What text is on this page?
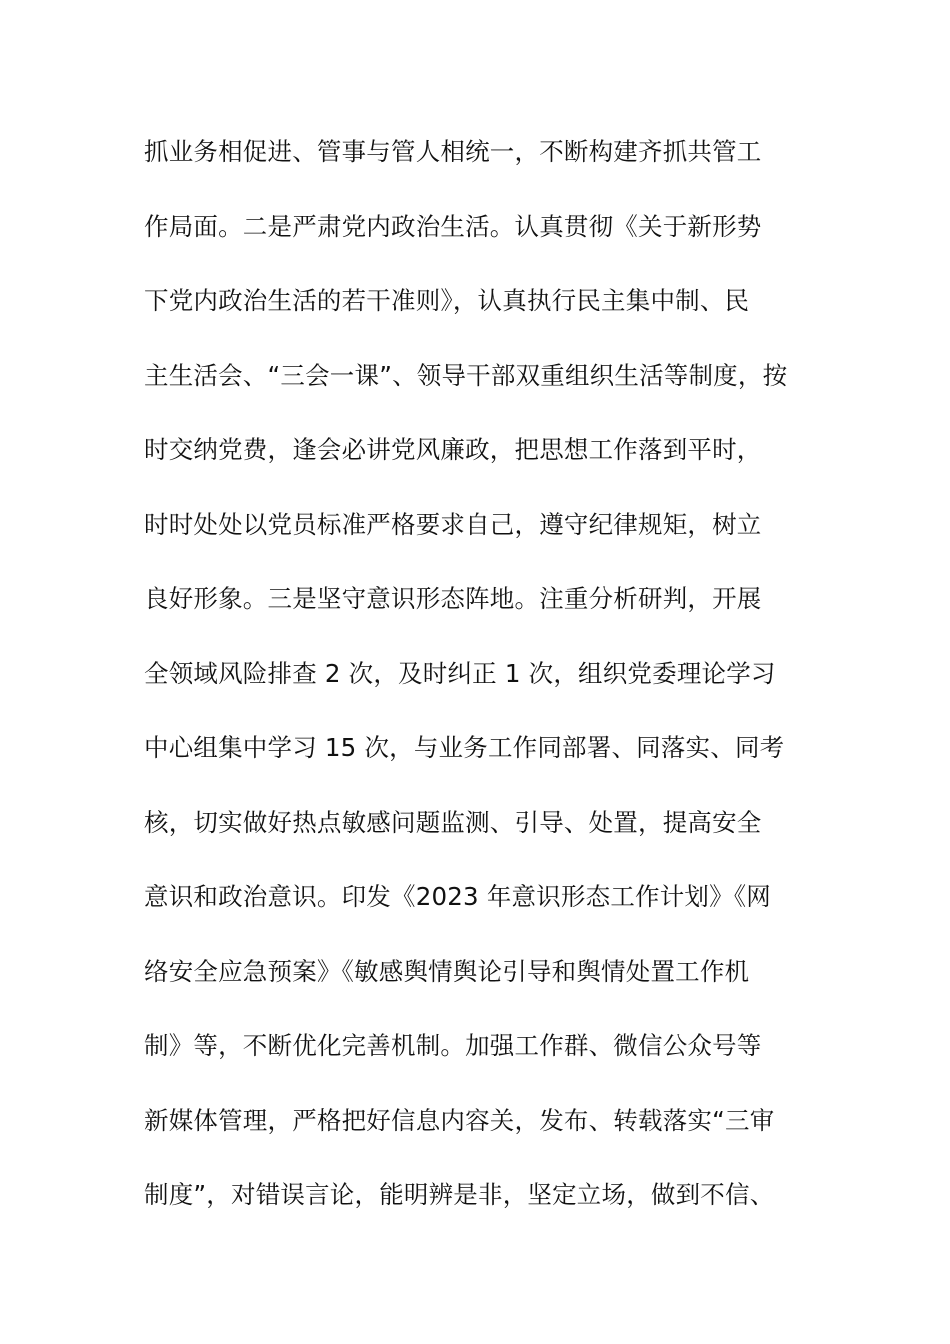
抓业务相促进、管事与管人相统一，不断构建齐抓共管工
作局面。二是严肃党内政治生活。认真贯彻《关于新形势
下党内政治生活的若干准则》，认真执行民主集中制、民
主生活会、“三会一课”、领导干部双重组织生活等制度，按
时交纳党费，逢会必讲党风廉政，把思想工作落到平时，
时时处处以党员标准严格要求自己，遵守纪律规矩，树立
良好形象。三是坚守意识形态阵地。注重分析研判，开展
全领域风险排查 2 次，及时纠正 1 次，组织党委理论学习
中心组集中学习 15 次，与业务工作同部署、同落实、同考
核，切实做好热点敏感问题监测、引导、处置，提高安全
意识和政治意识。印发《2023 年意识形态工作计划》《网
络安全应急预案》《敏感舆情舆论引导和舆情处置工作机
制》等，不断优化完善机制。加强工作群、微信公众号等
新媒体管理，严格把好信息内容关，发布、转载落实“三审
制度”，对错误言论，能明辨是非，坚定立场，做到不信、
